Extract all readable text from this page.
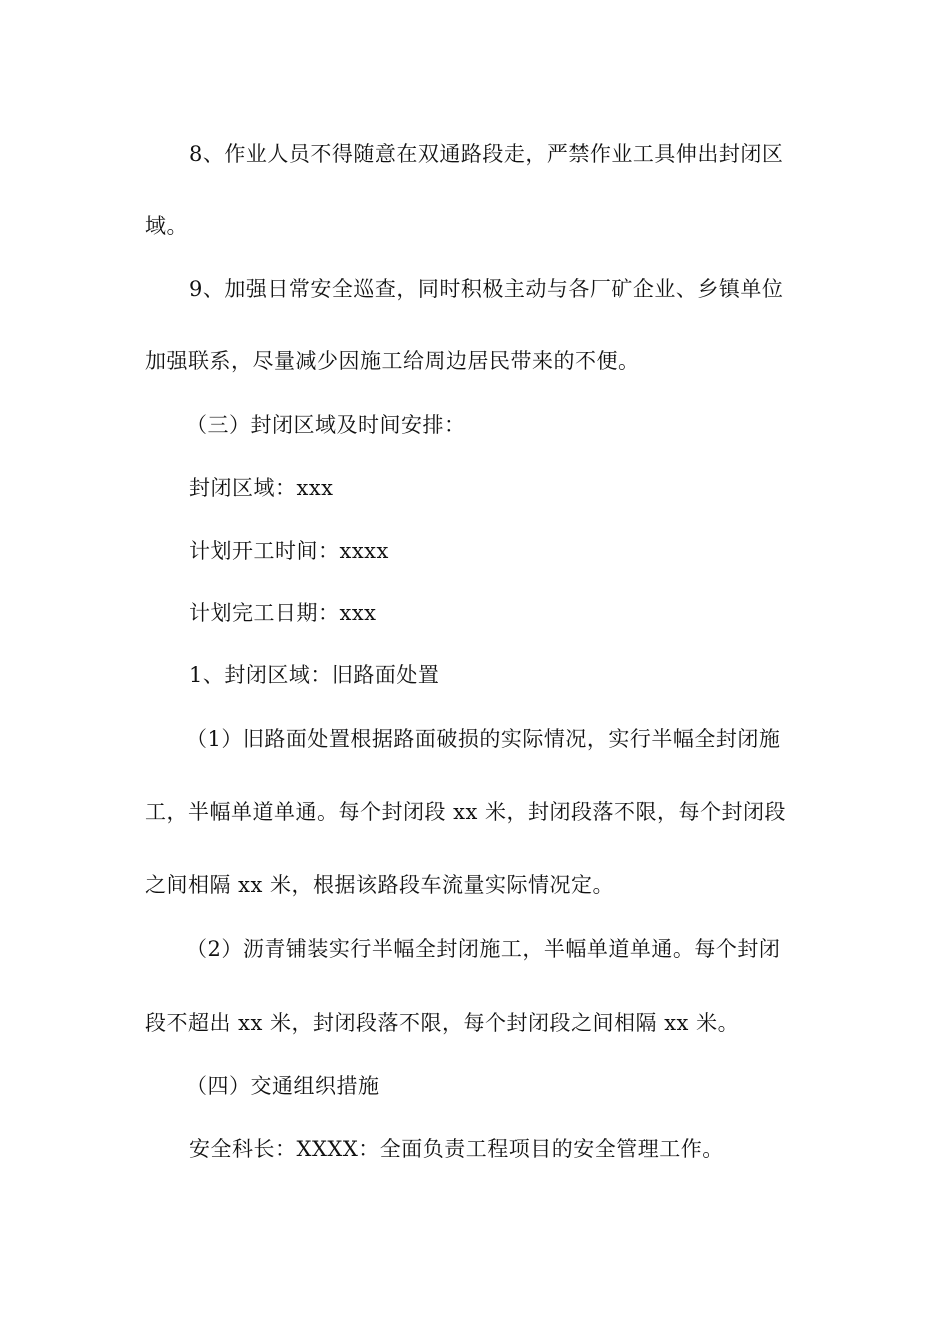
8、作业人员不得随意在双通路段走，严禁作业工具伸出封闭区
域。
9、加强日常安全巡查，同时积极主动与各厂矿企业、乡镇单位
加强联系，尽量减少因施工给周边居民带来的不便。
（三）封闭区域及时间安排：
封闭区域：xxx
计划开工时间：xxxx
计划完工日期：xxx
1、封闭区域：旧路面处置
（1）旧路面处置根据路面破损的实际情况，实行半幅全封闭施
工，半幅单道单通。每个封闭段 xx 米，封闭段落不限，每个封闭段
之间相隔 xx 米，根据该路段车流量实际情况定。
（2）沥青铺装实行半幅全封闭施工，半幅单道单通。每个封闭
段不超出 xx 米，封闭段落不限，每个封闭段之间相隔 xx 米。
（四）交通组织措施
安全科长：XXXX：全面负责工程项目的安全管理工作。
